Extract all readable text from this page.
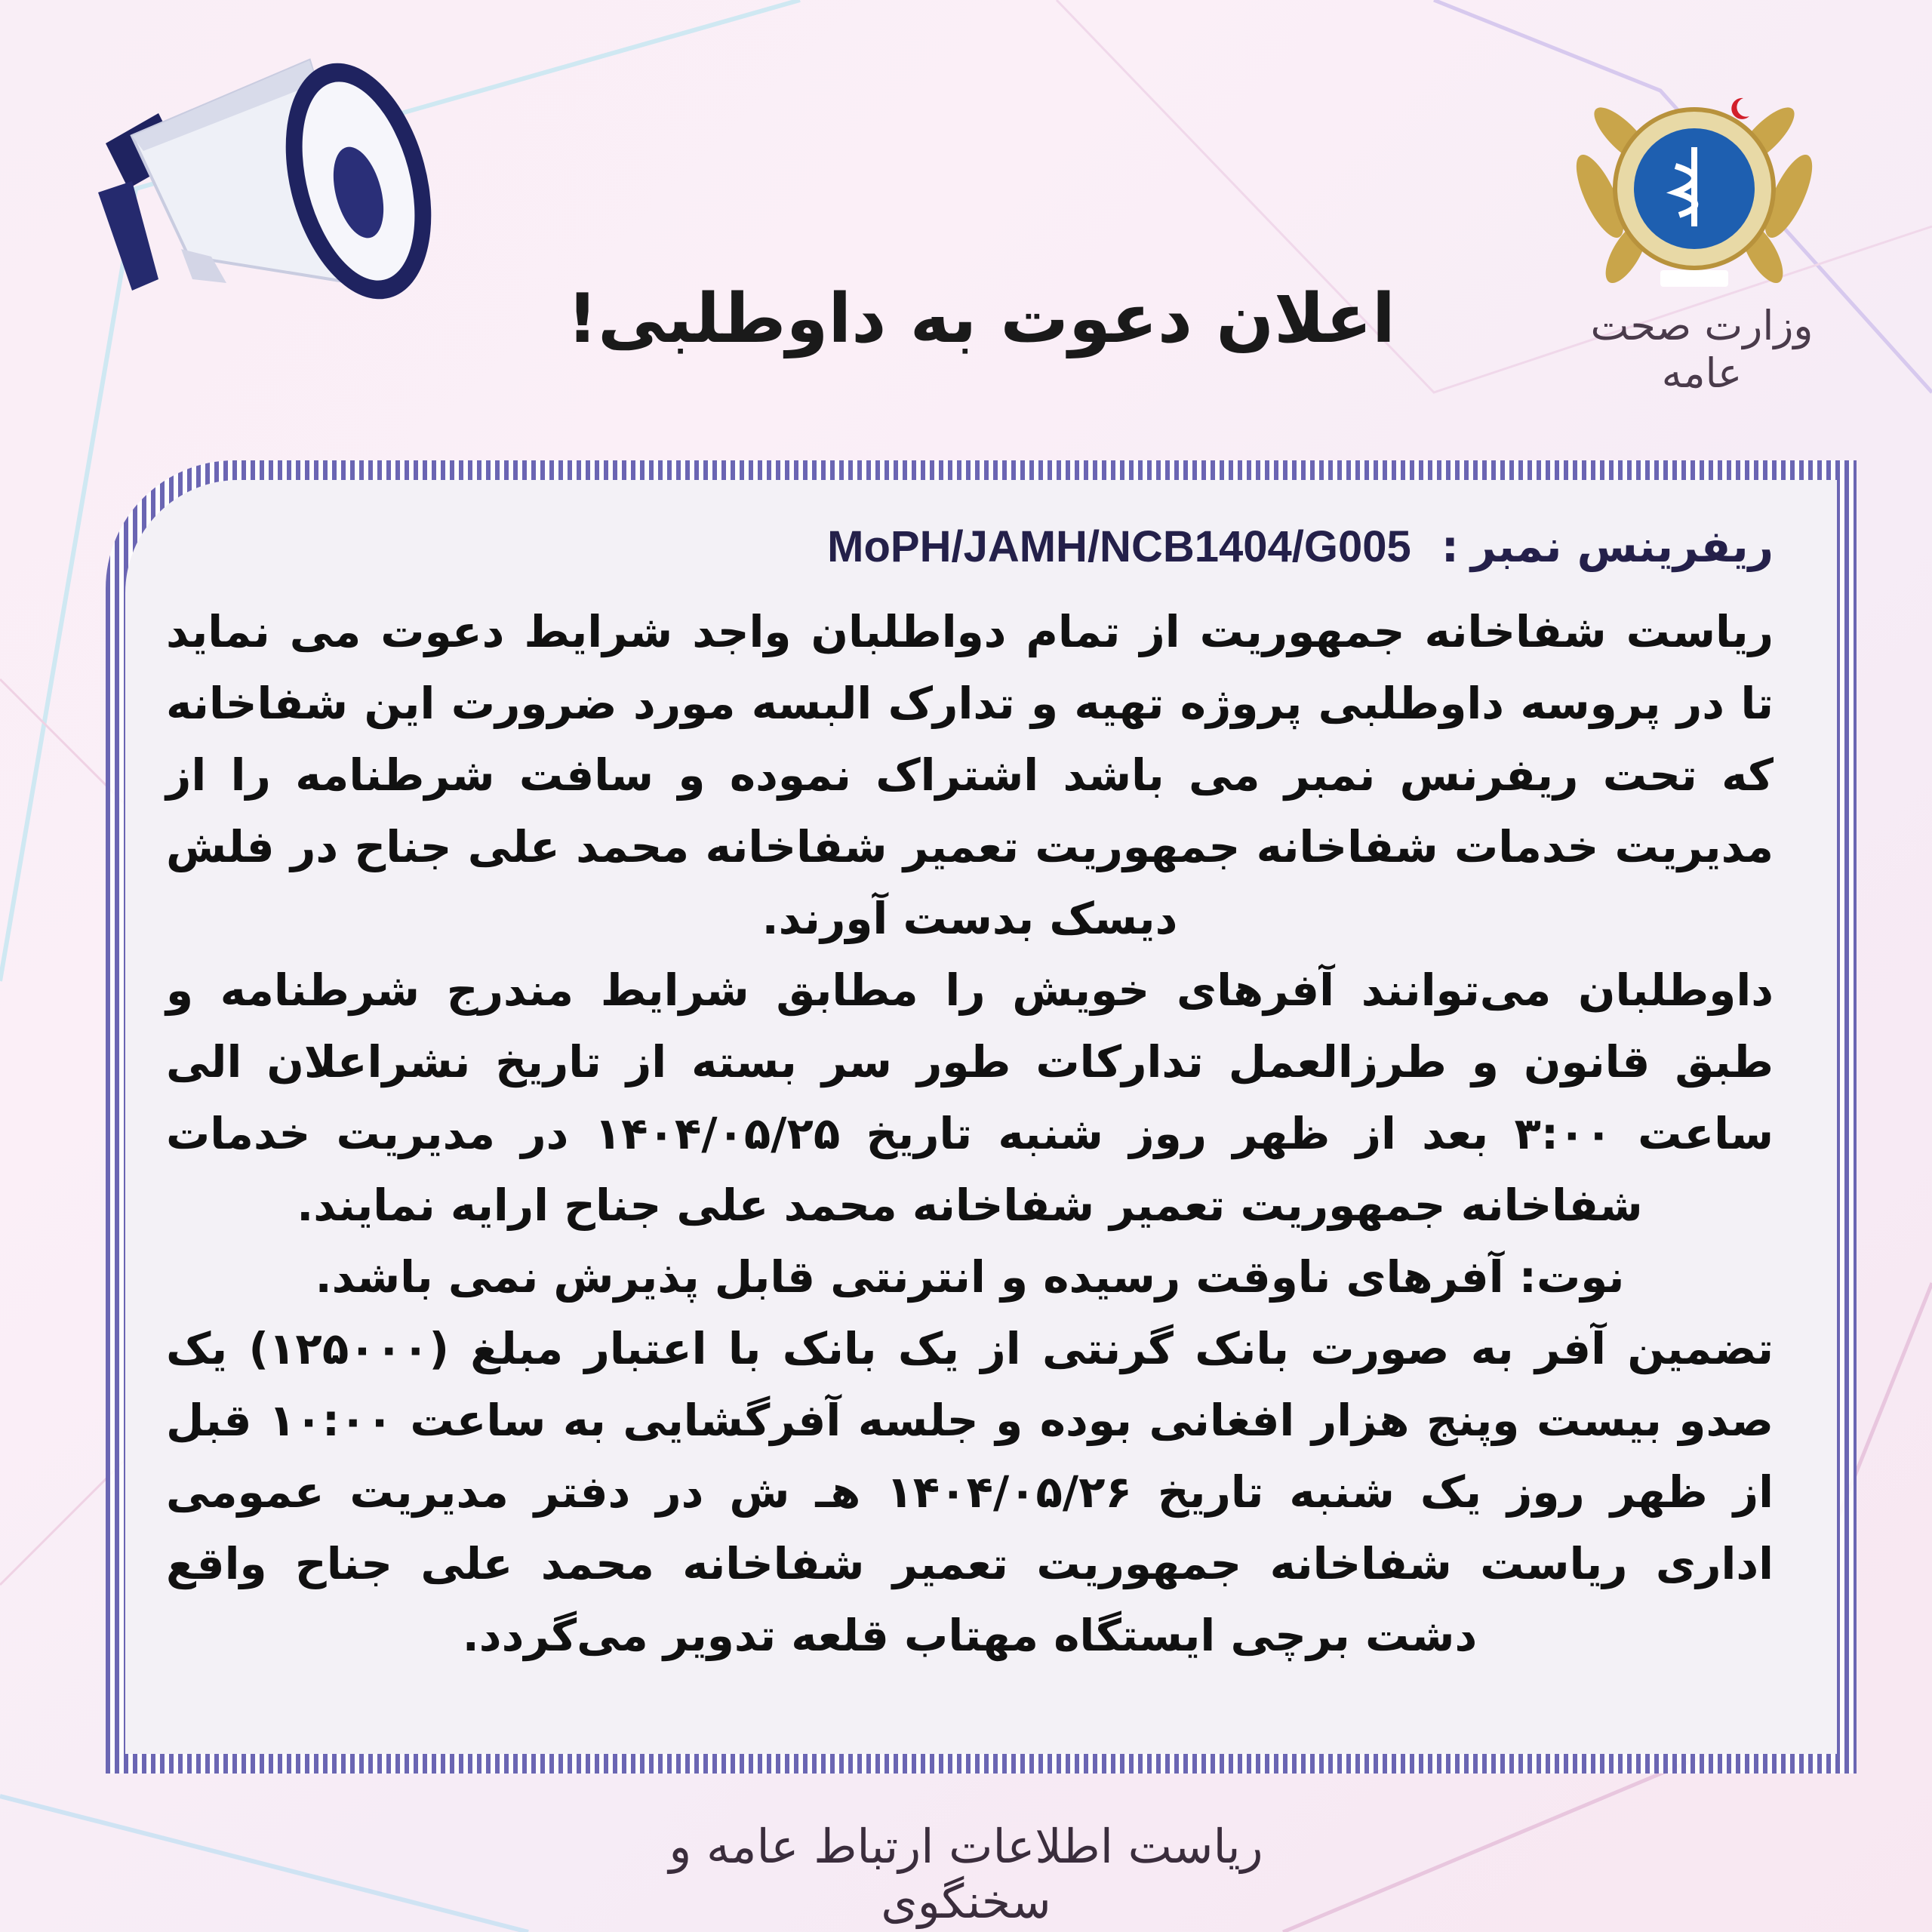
وزارت صحت عامه
اعلان دعوت به داوطلبی!
ریفرینس نمبر:MoPH/JAMH/NCB1404/G005

ریاست شفاخانه جمهوریت از تمام دواطلبان واجد شرایط دعوت می نماید تا در پروسه داوطلبی پروژه تهیه و تدارک البسه مورد ضرورت این شفاخانه که تحت ریفرنس نمبر می باشد اشتراک نموده و سافت شرطنامه را از مدیریت خدمات شفاخانه جمهوریت تعمیر شفاخانه محمد علی جناح در فلش دیسک بدست آورند.

داوطلبان می‌توانند آفرهای خویش را مطابق شرایط مندرج شرطنامه و طبق قانون و طرزالعمل تدارکات طور سر بسته از تاریخ نشراعلان الی ساعت ۳:۰۰ بعد از ظهر روز شنبه تاریخ ۱۴۰۴/۰۵/۲۵ در مدیریت خدمات شفاخانه جمهوریت تعمیر شفاخانه محمد علی جناح ارایه نمایند.

نوت: آفرهای ناوقت رسیده و انترنتی قابل پذیرش نمی باشد.

تضمین آفر به صورت بانک گرنتی از یک بانک با اعتبار مبلغ (۱۲۵۰۰۰) یک صدو بیست وپنج هزار افغانی بوده و جلسه آفرگشایی به ساعت ۱۰:۰۰ قبل از ظهر روز یک شنبه تاریخ ۱۴۰۴/۰۵/۲۶ هـ ش در دفتر مدیریت عمومی اداری ریاست شفاخانه جمهوریت تعمیر شفاخانه محمد علی جناح واقع دشت برچی ایستگاه مهتاب قلعه تدویر می‌گردد.

ریاست اطلاعات ارتباط عامه و سخنگوی
